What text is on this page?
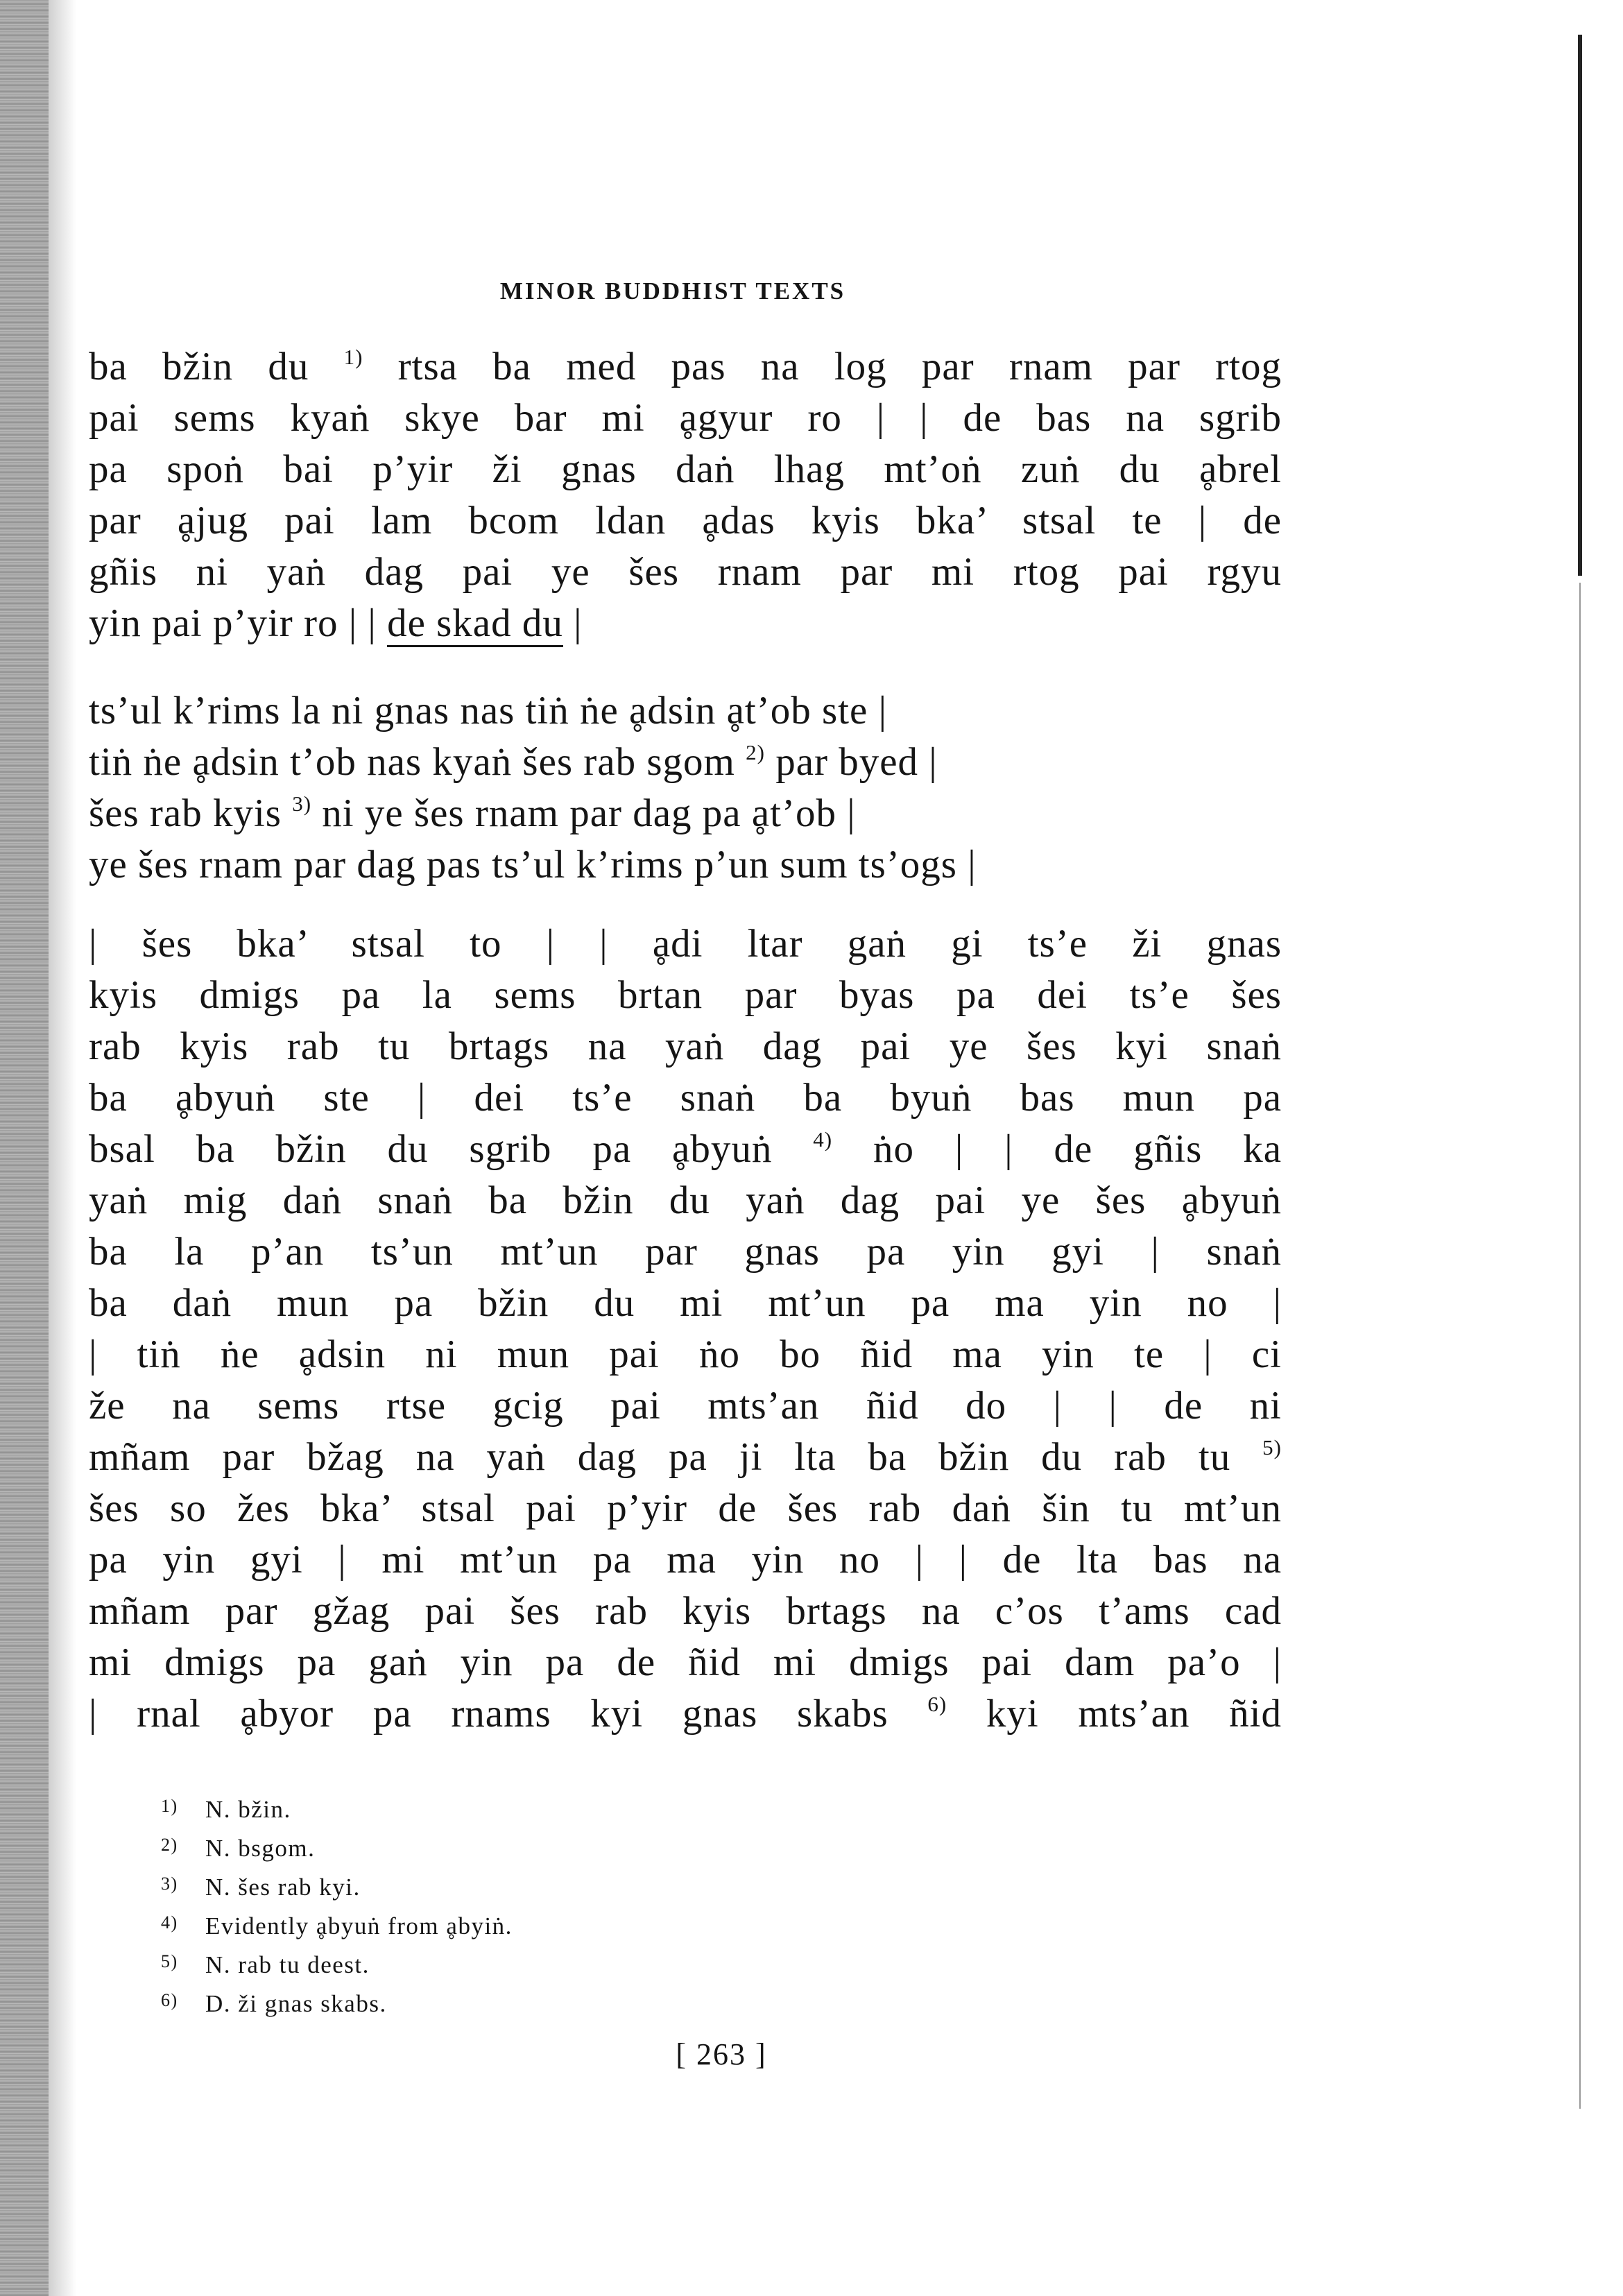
MINOR BUDDHIST TEXTS
ba bžin du $^{1)}$ rtsa ba med pas na log par rnam par rtog
pai sems kyaṅ skye bar mi ḁgyur ro | | de bas na sgrib
pa spoṅ bai p’yir ži gnas daṅ lhag mt’oṅ zuṅ du ḁbrel
par ḁjug pai lam bcom ldan ḁdas kyis bka’ stsal te | de
gñis ni yaṅ dag pai ye šes rnam par mi rtog pai rgyu
yin pai p’yir ro | | de skad du |
ts’ul k’rims la ni gnas nas tiṅ ṅe ḁdsin ḁt’ob ste |
tiṅ ṅe ḁdsin t’ob nas kyaṅ šes rab sgom $^{2)}$ par byed |
šes rab kyis $^{3)}$ ni ye šes rnam par dag pa ḁt’ob |
ye šes rnam par dag pas ts’ul k’rims p’un sum ts’ogs |
| šes bka’ stsal to | | ḁdi ltar gaṅ gi ts’e ži gnas
kyis dmigs pa la sems brtan par byas pa dei ts’e šes
rab kyis rab tu brtags na yaṅ dag pai ye šes kyi snaṅ
ba ḁbyuṅ ste | dei ts’e snaṅ ba byuṅ bas mun pa
bsal ba bžin du sgrib pa ḁbyuṅ $^{4)}$ ṅo | | de gñis ka
yaṅ mig daṅ snaṅ ba bžin du yaṅ dag pai ye šes ḁbyuṅ
ba la p’an ts’un mt’un par gnas pa yin gyi | snaṅ
ba daṅ mun pa bžin du mi mt’un pa ma yin no |
| tiṅ ṅe ḁdsin ni mun pai ṅo bo ñid ma yin te | ci
že na sems rtse gcig pai mts’an ñid do | | de ni
mñam par bžag na yaṅ dag pa ji lta ba bžin du rab tu $^{5)}$
šes so žes bka’ stsal pai p’yir de šes rab daṅ šin tu mt’un
pa yin gyi | mi mt’un pa ma yin no | | de lta bas na
mñam par gžag pai šes rab kyis brtags na c’os t’ams cad
mi dmigs pa gaṅ yin pa de ñid mi dmigs pai dam pa’o |
| rnal ḁbyor pa rnams kyi gnas skabs $^{6)}$ kyi mts’an ñid
1) N. bžin.
2) N. bsgom.
3) N. šes rab kyi.
4) Evidently ḁbyuṅ from ḁbyiṅ.
5) N. rab tu deest.
6) D. ži gnas skabs.
[ 263 ]
